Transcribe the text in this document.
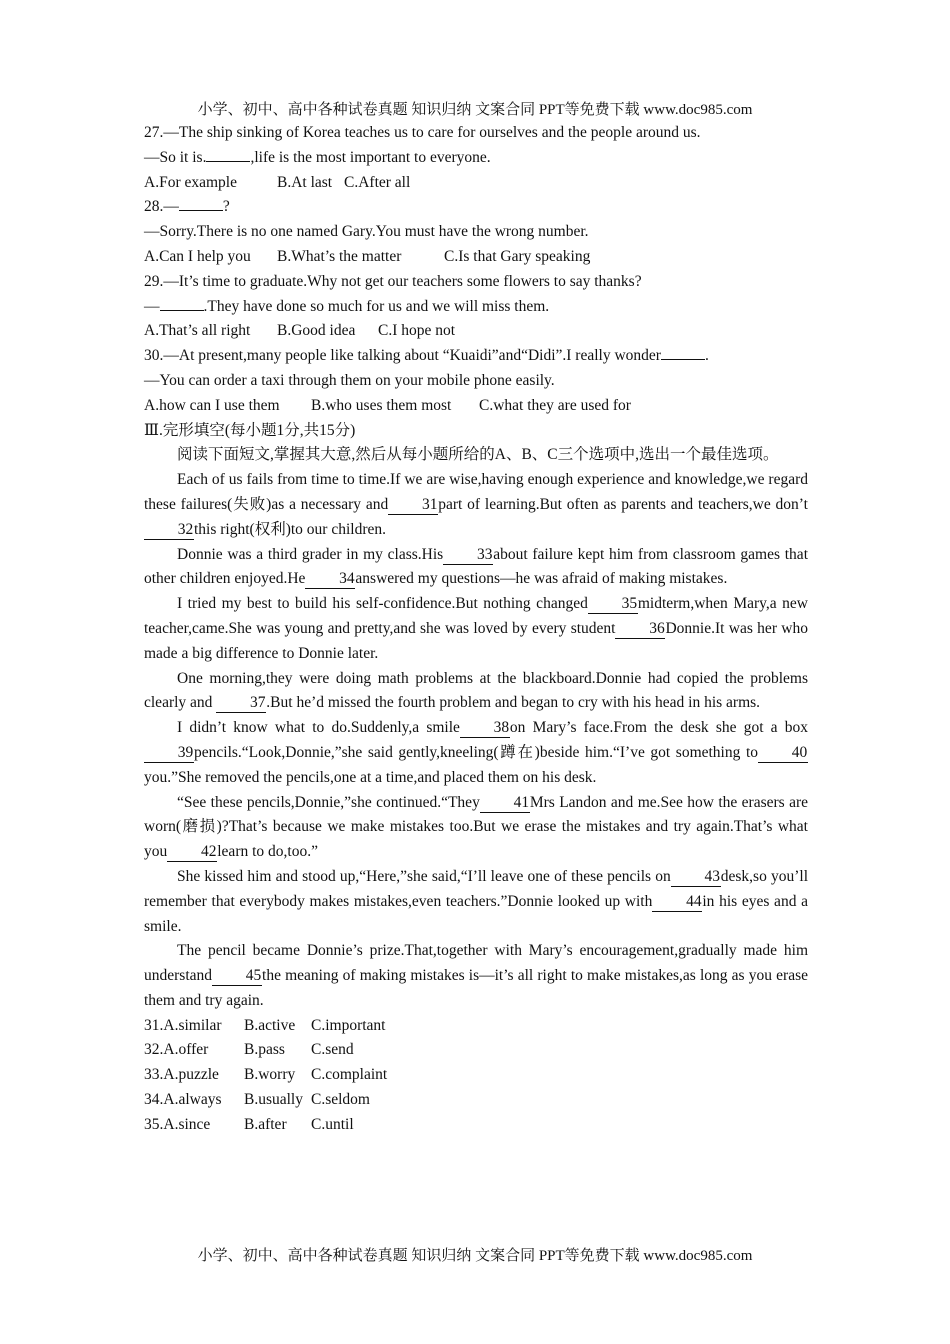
小学、初中、高中各种试卷真题 知识归纳 文案合同 PPT等免费下载 www.doc985.com
27.—The ship sinking of Korea teaches us to care for ourselves and the people around us.
—So it is.	,life is the most important to everyone.
A.For example	B.At last C.After all
28.—	?
—Sorry.There is no one named Gary.You must have the wrong number.
A.Can I help you B.What’s the matter	C.Is that Gary speaking
29.—It’s time to graduate.Why not get our teachers some flowers to say thanks?
—	.They have done so much for us and we will miss them.
A.That’s all right B.Good idea C.I hope not
30.—At present,many people like talking about “Kuaidi”and“Didi”.I really wonder	.
—You can order a taxi through them on your mobile phone easily.
A.how can I use them B.who uses them most C.what they are used for
Ⅲ.完形填空(每小题1分,共15分)

阅读下面短文,掌握其大意,然后从每小题所给的A、B、C三个选项中,选出一个最佳选项。

Each of us fails from time to time.If we are wise,having enough experience and knowledge,we regard these failures(失败)as a necessary and 31part of learning.But often as parents and teachers,we don’t32this right(权利)to our children.

Donnie was a third grader in my class.His 33about failure kept him from classroom games that other children enjoyed.He 34answered my questions—he was afraid of making mistakes.

I tried my best to build his self-confidence.But nothing changed 35midterm,when Mary,a new teacher,came.She was young and pretty,and she was loved by every student 36Donnie.It was her who made a big difference to Donnie later.

One morning,they were doing math problems at the blackboard.Donnie had copied the problems clearly and 37.But he’d missed the fourth problem and began to cry with his head in his arms.

I didn’t know what to do.Suddenly,a smile 38on Mary’s face.From the desk she got a box39pencils.“Look,Donnie,”she said gently,kneeling(蹲在)beside him.“I’ve got something to 40you.”She removed the pencils,one at a time,and placed them on his desk.

“See these pencils,Donnie,”she continued.“They 41Mrs Landon and me.See how the erasers are worn(磨损)?That’s because we make mistakes too.But we erase the mistakes and try again.That’s what you 42learn to do,too.”

She kissed him and stood up,“Here,”she said,“I’ll leave one of these pencils on 43desk,so you’ll remember that everybody makes mistakes,even teachers.”Donnie looked up with 44in his eyes and a smile.

The pencil became Donnie’s prize.That,together with Mary’s encouragement,gradually made him understand 45the meaning of making mistakes is—it’s all right to make mistakes,as long as you erase them and try again.

31.A.similar B.active C.important
32.A.offer B.pass C.send
33.A.puzzle B.worry C.complaint
34.A.always B.usually C.seldom
35.A.since B.after C.until
小学、初中、高中各种试卷真题 知识归纳 文案合同 PPT等免费下载 www.doc985.com
